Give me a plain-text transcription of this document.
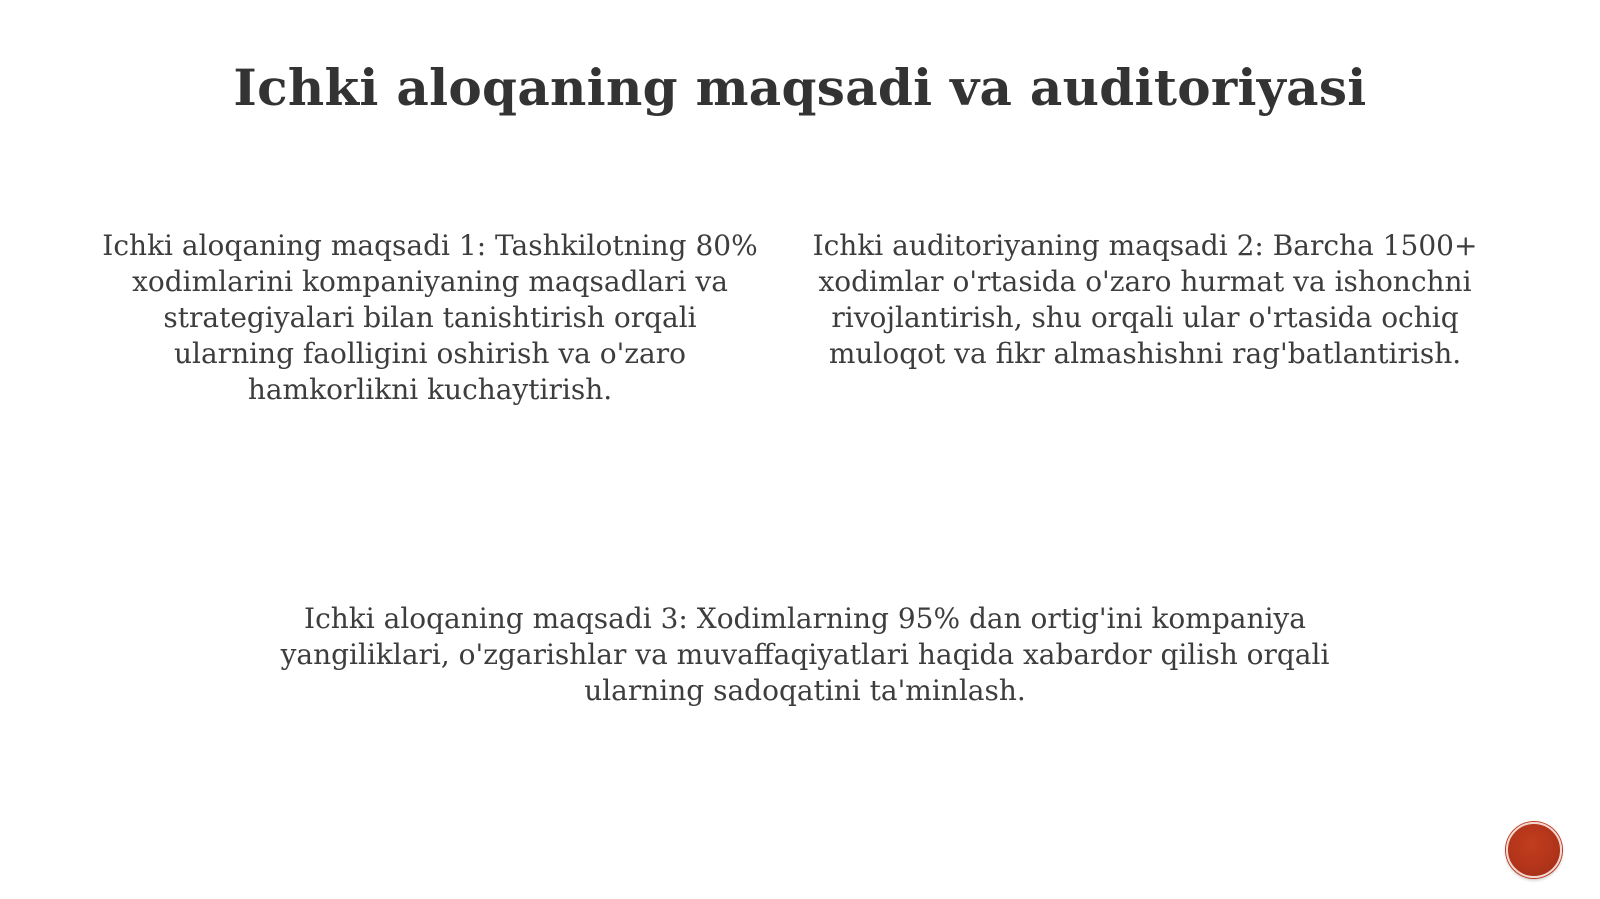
Ichki aloqaning maqsadi va auditoriyasi

Ichki aloqaning maqsadi 1: Tashkilotning 80% xodimlarini kompaniyaning maqsadlari va strategiyalari bilan tanishtirish orqali ularning faolligini oshirish va o'zaro hamkorlikni kuchaytirish.

Ichki auditoriyaning maqsadi 2: Barcha 1500+ xodimlar o'rtasida o'zaro hurmat va ishonchni rivojlantirish, shu orqali ular o'rtasida ochiq muloqot va fikr almashishni rag'batlantirish.

Ichki aloqaning maqsadi 3: Xodimlarning 95% dan ortig'ini kompaniya yangiliklari, o'zgarishlar va muvaffaqiyatlari haqida xabardor qilish orqali ularning sadoqatini ta'minlash.
